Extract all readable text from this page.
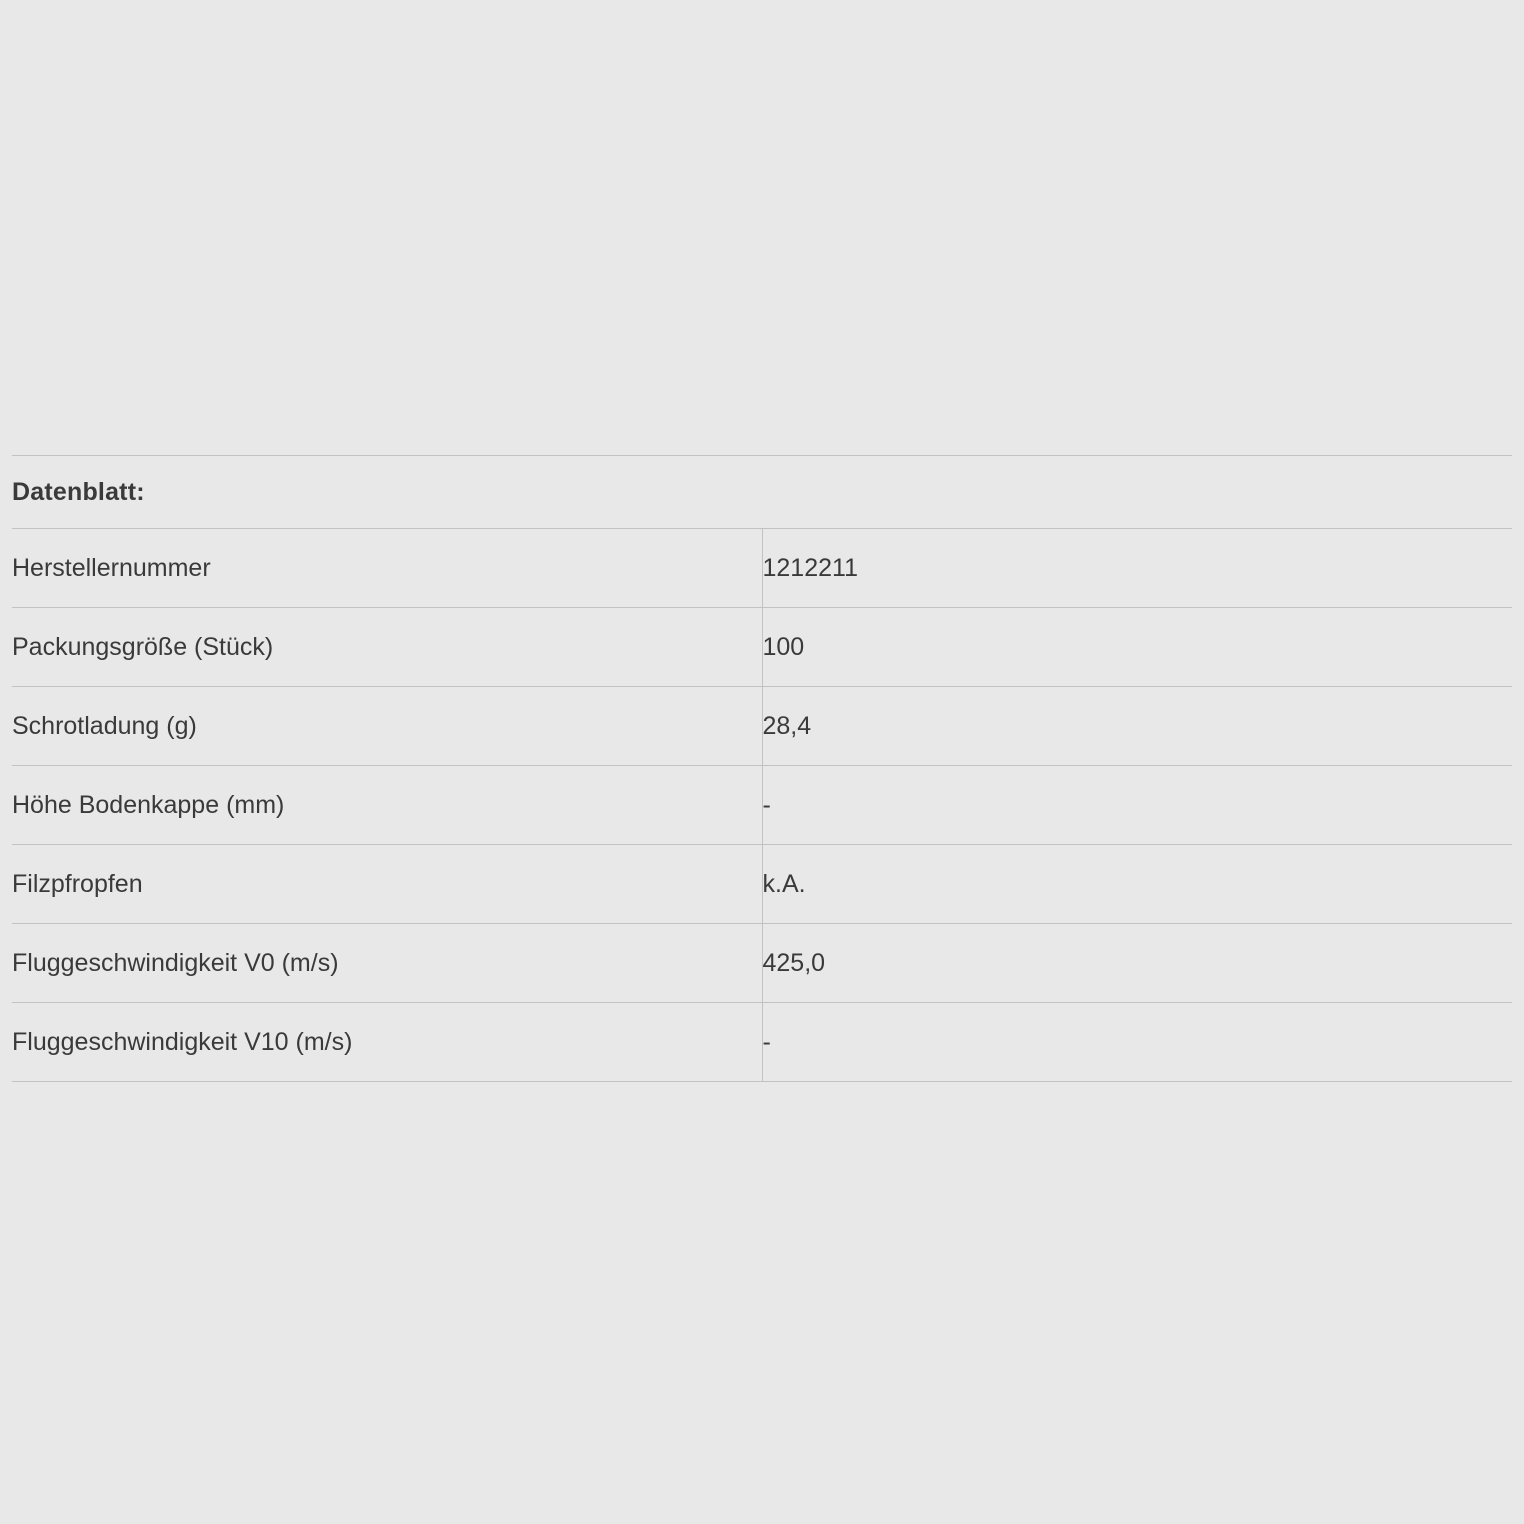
Datenblatt:	
Herstellernummer	1212211
Packungsgröße (Stück)	100
Schrotladung (g)	28,4
Höhe Bodenkappe (mm)	-
Filzpfropfen	k.A.
Fluggeschwindigkeit V0 (m/s)	425,0
Fluggeschwindigkeit V10 (m/s)	-
